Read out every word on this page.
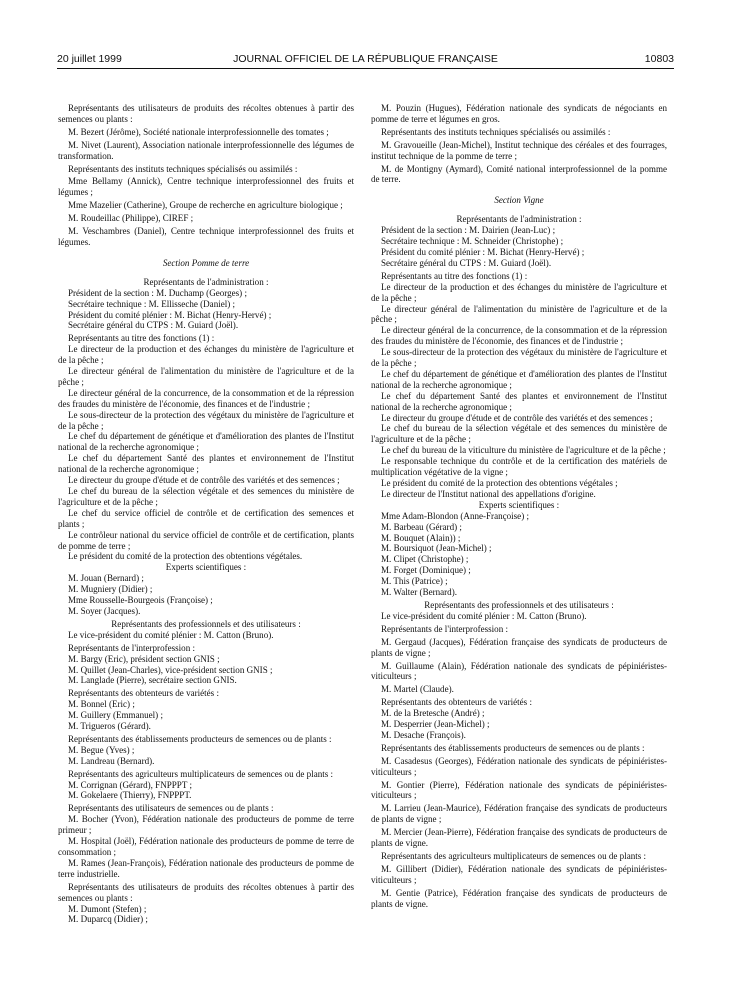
20 juillet 1999	JOURNAL OFFICIEL DE LA RÉPUBLIQUE FRANÇAISE	10803

Représentants des utilisateurs de produits des récoltes obtenues à partir des semences ou plants :

M. Bezert (Jérôme), Société nationale interprofessionnelle des tomates ;

M. Nivet (Laurent), Association nationale interprofessionnelle des légumes de transformation.

Représentants des instituts techniques spécialisés ou assimilés :

Mme Bellamy (Annick), Centre technique interprofessionnel des fruits et légumes ;

Mme Mazelier (Catherine), Groupe de recherche en agriculture biologique ;

M. Roudeillac (Philippe), CIREF ;

M. Veschambres (Daniel), Centre technique interprofessionnel des fruits et légumes.

Section Pomme de terre

Représentants de l'administration :

Président de la section : M. Duchamp (Georges) ;

Secrétaire technique : M. Ellisseche (Daniel) ;

Président du comité plénier : M. Bichat (Henry-Hervé) ;

Secrétaire général du CTPS : M. Guiard (Joël).

Représentants au titre des fonctions (1) :

Le directeur de la production et des échanges du ministère de l'agriculture et de la pêche ;

Le directeur général de l'alimentation du ministère de l'agriculture et de la pêche ;

Le directeur général de la concurrence, de la consommation et de la répression des fraudes du ministère de l'économie, des finances et de l'industrie ;

Le sous-directeur de la protection des végétaux du ministère de l'agriculture et de la pêche ;

Le chef du département de génétique et d'amélioration des plantes de l'Institut national de la recherche agronomique ;

Le chef du département Santé des plantes et environnement de l'Institut national de la recherche agronomique ;

Le directeur du groupe d'étude et de contrôle des variétés et des semences ;

Le chef du bureau de la sélection végétale et des semences du ministère de l'agriculture et de la pêche ;

Le chef du service officiel de contrôle et de certification des semences et plants ;

Le contrôleur national du service officiel de contrôle et de certification, plants de pomme de terre ;

Le président du comité de la protection des obtentions végétales.

Experts scientifiques :

M. Jouan (Bernard) ;

M. Mugniery (Didier) ;

Mme Rousselle-Bourgeois (Françoise) ;

M. Soyer (Jacques).

Représentants des professionnels et des utilisateurs :

Le vice-président du comité plénier : M. Catton (Bruno).

Représentants de l'interprofession :

M. Bargy (Eric), président section GNIS ;

M. Quillet (Jean-Charles), vice-président section GNIS ;

M. Langlade (Pierre), secrétaire section GNIS.

Représentants des obtenteurs de variétés :

M. Bonnel (Eric) ;

M. Guillery (Emmanuel) ;

M. Trigueros (Gérard).

Représentants des établissements producteurs de semences ou de plants :

M. Begue (Yves) ;

M. Landreau (Bernard).

Représentants des agriculteurs multiplicateurs de semences ou de plants :

M. Corrignan (Gérard), FNPPPT ;

M. Gokelaere (Thierry), FNPPPT.

Représentants des utilisateurs de semences ou de plants :

M. Bocher (Yvon), Fédération nationale des producteurs de pomme de terre primeur ;

M. Hospital (Joël), Fédération nationale des producteurs de pomme de terre de consommation ;

M. Rames (Jean-François), Fédération nationale des producteurs de pomme de terre industrielle.

Représentants des utilisateurs de produits des récoltes obtenues à partir des semences ou plants :

M. Dumont (Stefen) ;

M. Duparcq (Didier) ;

M. Pouzin (Hugues), Fédération nationale des syndicats de négociants en pomme de terre et légumes en gros.

Représentants des instituts techniques spécialisés ou assimilés :

M. Gravoueille (Jean-Michel), Institut technique des céréales et des fourrages, institut technique de la pomme de terre ;

M. de Montigny (Aymard), Comité national interprofessionnel de la pomme de terre.

Section Vigne

Représentants de l'administration :

Président de la section : M. Dairien (Jean-Luc) ;

Secrétaire technique : M. Schneider (Christophe) ;

Président du comité plénier : M. Bichat (Henry-Hervé) ;

Secrétaire général du CTPS : M. Guiard (Joël).

Représentants au titre des fonctions (1) :

Le directeur de la production et des échanges du ministère de l'agriculture et de la pêche ;

Le directeur général de l'alimentation du ministère de l'agriculture et de la pêche ;

Le directeur général de la concurrence, de la consommation et de la répression des fraudes du ministère de l'économie, des finances et de l'industrie ;

Le sous-directeur de la protection des végétaux du ministère de l'agriculture et de la pêche ;

Le chef du département de génétique et d'amélioration des plantes de l'Institut national de la recherche agronomique ;

Le chef du département Santé des plantes et environnement de l'Institut national de la recherche agronomique ;

Le directeur du groupe d'étude et de contrôle des variétés et des semences ;

Le chef du bureau de la sélection végétale et des semences du ministère de l'agriculture et de la pêche ;

Le chef du bureau de la viticulture du ministère de l'agriculture et de la pêche ;

Le responsable technique du contrôle et de la certification des matériels de multiplication végétative de la vigne ;

Le président du comité de la protection des obtentions végétales ;

Le directeur de l'Institut national des appellations d'origine.

Experts scientifiques :

Mme Adam-Blondon (Anne-Françoise) ;

M. Barbeau (Gérard) ;

M. Bouquet (Alain)) ;

M. Boursiquot (Jean-Michel) ;

M. Clipet (Christophe) ;

M. Forget (Dominique) ;

M. This (Patrice) ;

M. Walter (Bernard).

Représentants des professionnels et des utilisateurs :

Le vice-président du comité plénier : M. Catton (Bruno).

Représentants de l'interprofession :

M. Gergaud (Jacques), Fédération française des syndicats de producteurs de plants de vigne ;

M. Guillaume (Alain), Fédération nationale des syndicats de pépiniéristes-viticulteurs ;

M. Martel (Claude).

Représentants des obtenteurs de variétés :

M. de la Bretesche (André) ;

M. Desperrier (Jean-Michel) ;

M. Desache (François).

Représentants des établissements producteurs de semences ou de plants :

M. Casadesus (Georges), Fédération nationale des syndicats de pépiniéristes-viticulteurs ;

M. Gontier (Pierre), Fédération nationale des syndicats de pépiniéristes-viticulteurs ;

M. Larrieu (Jean-Maurice), Fédération française des syndicats de producteurs de plants de vigne ;

M. Mercier (Jean-Pierre), Fédération française des syndicats de producteurs de plants de vigne.

Représentants des agriculteurs multiplicateurs de semences ou de plants :

M. Gillibert (Didier), Fédération nationale des syndicats de pépiniéristes-viticulteurs ;

M. Gentie (Patrice), Fédération française des syndicats de producteurs de plants de vigne.
